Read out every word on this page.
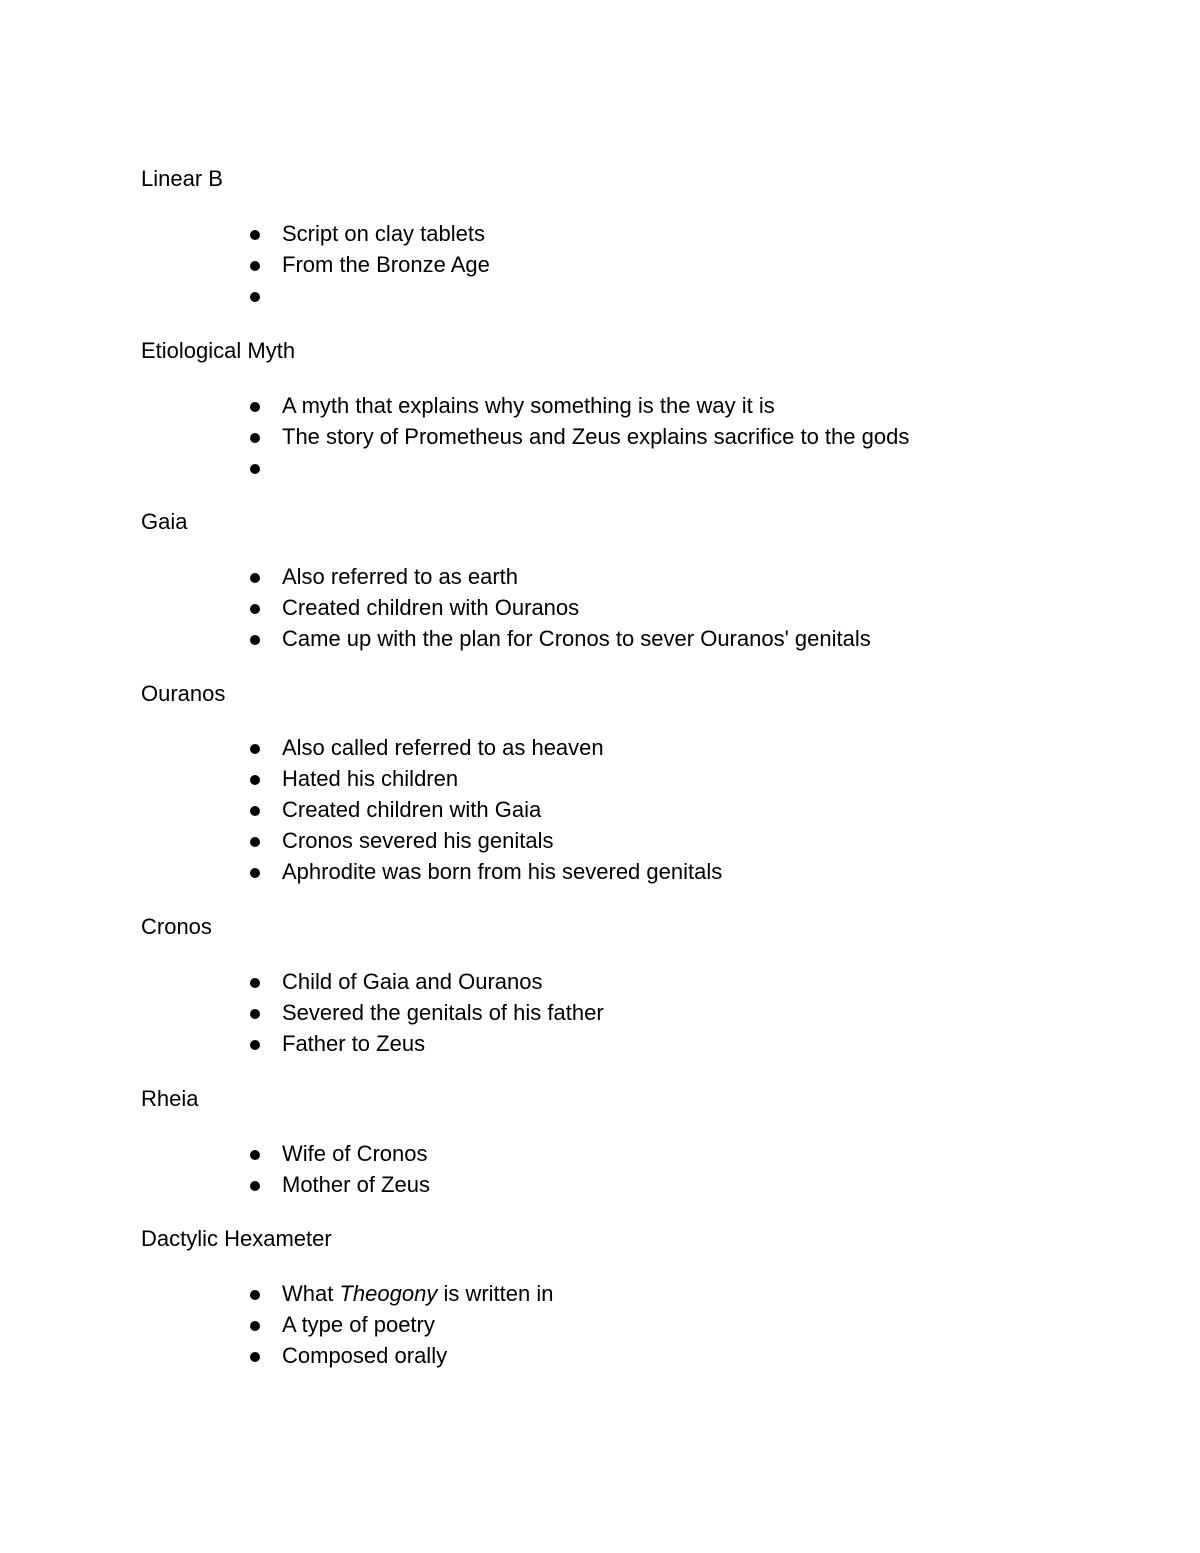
Linear B
Script on clay tablets
From the Bronze Age
Etiological Myth
A myth that explains why something is the way it is
The story of Prometheus and Zeus explains sacrifice to the gods
Gaia
Also referred to as earth
Created children with Ouranos
Came up with the plan for Cronos to sever Ouranos' genitals
Ouranos
Also called referred to as heaven
Hated his children
Created children with Gaia
Cronos severed his genitals
Aphrodite was born from his severed genitals
Cronos
Child of Gaia and Ouranos
Severed the genitals of his father
Father to Zeus
Rheia
Wife of Cronos
Mother of Zeus
Dactylic Hexameter
What Theogony is written in
A type of poetry
Composed orally
